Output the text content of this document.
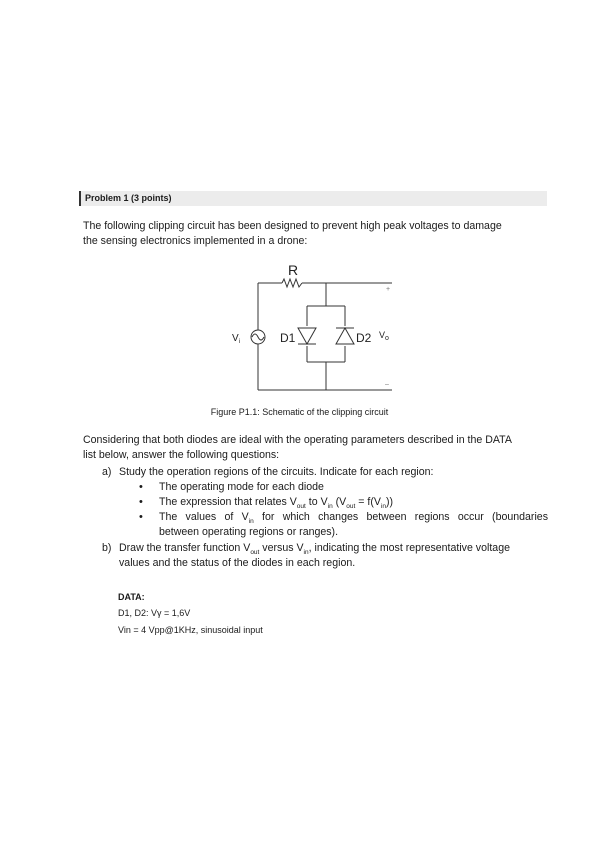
Problem 1 (3 points)
The following clipping circuit has been designed to prevent high peak voltages to damage
the sensing electronics implemented in a drone:
R
$V_i$	D1	D2 $V_o$
+
–
Figure P1.1: Schematic of the clipping circuit
Considering that both diodes are ideal with the operating parameters described in the DATA
list below, answer the following questions:
a) Study the operation regions of the circuits. Indicate for each region:
• The operating mode for each diode
• The expression that relates $V_{out}$ to $V_{in}$ $(V_{out} = f(V_{in}))$
• The values of $V_{in}$ for which changes between regions occur (boundaries
between operating regions or ranges).
b) Draw the transfer function $V_{out}$ versus $V_{in}$, indicating the most representative voltage
values and the status of the diodes in each region.
DATA:
D1, D2: Vγ = 1,6V
Vin = 4 Vpp@1KHz, sinusoidal input
